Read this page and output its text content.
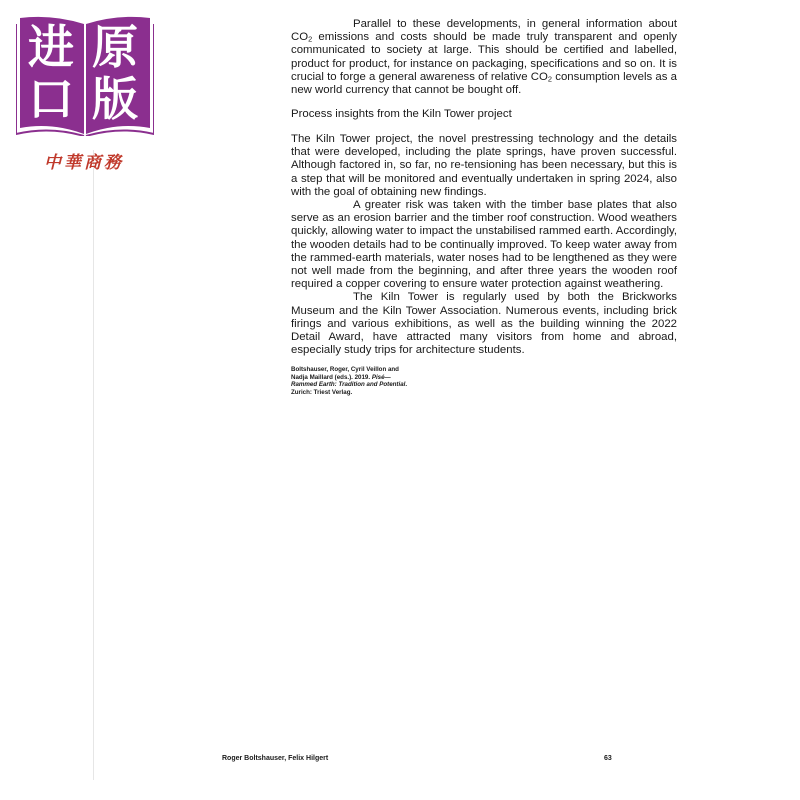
进 原
口 版
中華商務

Parallel to these developments, in general information about $CO_2$ emissions and costs should be made truly transparent and openly communicated to society at large. This should be certified and labelled, product for product, for instance on packaging, specifications and so on. It is crucial to forge a general awareness of relative $CO_2$ consumption levels as a new world currency that cannot be bought off.

Process insights from the Kiln Tower project

The Kiln Tower project, the novel prestressing technology and the details that were developed, including the plate springs, have proven successful. Although factored in, so far, no re-tensioning has been necessary, but this is a step that will be monitored and eventually undertaken in spring 2024, also with the goal of obtaining new findings.

A greater risk was taken with the timber base plates that also serve as an erosion barrier and the timber roof construction. Wood weathers quickly, allowing water to impact the unstabilised rammed earth. Accordingly, the wooden details had to be continually improved. To keep water away from the rammed-earth materials, water noses had to be lengthened as they were not well made from the beginning, and after three years the wooden roof required a copper covering to ensure water protection against weathering.

The Kiln Tower is regularly used by both the Brickworks Museum and the Kiln Tower Association. Numerous events, including brick firings and various exhibitions, as well as the building winning the 2022 Detail Award, have attracted many visitors from home and abroad, especially study trips for architecture students.

Boltshauser, Roger, Cyril Veillon and Nadja Maillard (eds.). 2019. Pisé—Rammed Earth: Tradition and Potential. Zurich: Triest Verlag.
Roger Boltshauser, Felix Hilgert	63
